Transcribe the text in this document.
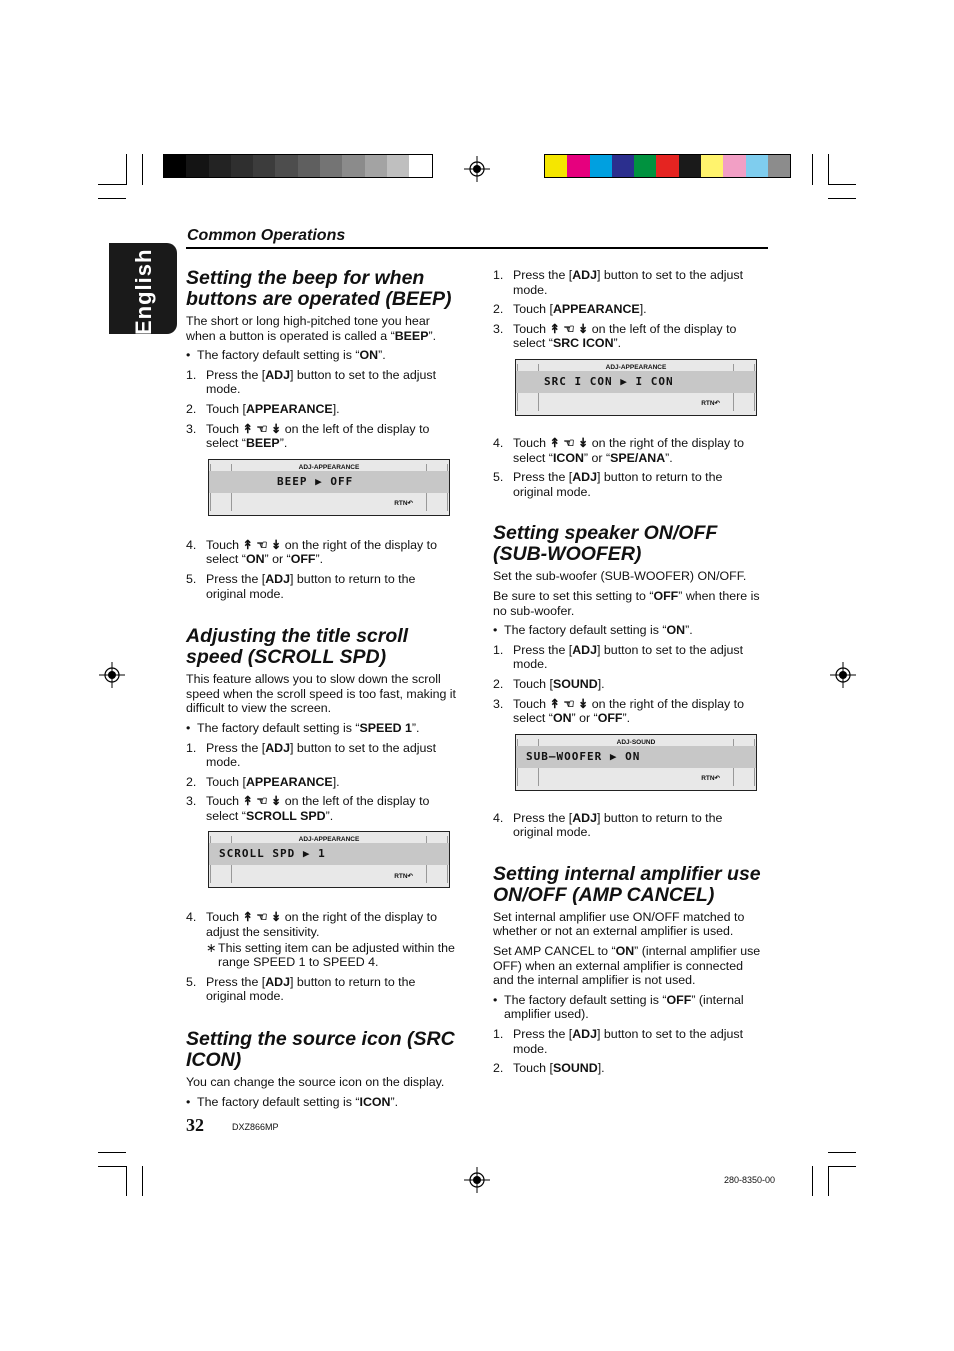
English
Common Operations
Setting the beep for when buttons are operated (BEEP)

The short or long high-pitched tone you hear when a button is operated is called a “BEEP”.

• The factory default setting is “ON”.
1. Press the [ADJ] button to set to the adjust mode.
2. Touch [APPEARANCE].
3. Touch ↟ ☜ ↡ on the left of the display to select “BEEP”.
ADJ-APPEARANCE
BEEP ▶ OFF
RTN↶
4. Touch ↟ ☜ ↡ on the right of the display to select “ON” or “OFF”.
5. Press the [ADJ] button to return to the original mode.
Adjusting the title scroll speed (SCROLL SPD)

This feature allows you to slow down the scroll speed when the scroll speed is too fast, making it difficult to view the screen.

• The factory default setting is “SPEED 1”.
1. Press the [ADJ] button to set to the adjust mode.
2. Touch [APPEARANCE].
3. Touch ↟ ☜ ↡ on the left of the display to select “SCROLL SPD”.
ADJ-APPEARANCE
SCROLL SPD ▶ 1
RTN↶
4. Touch ↟ ☜ ↡ on the right of the display to adjust the sensitivity.
∗ This setting item can be adjusted within the range SPEED 1 to SPEED 4.
5. Press the [ADJ] button to return to the original mode.
Setting the source icon (SRC ICON)

You can change the source icon on the display.

• The factory default setting is “ICON”.
1. Press the [ADJ] button to set to the adjust mode.
2. Touch [APPEARANCE].
3. Touch ↟ ☜ ↡ on the left of the display to select “SRC ICON”.
ADJ-APPEARANCE
SRC I CON ▶ I CON
RTN↶
4. Touch ↟ ☜ ↡ on the right of the display to select “ICON” or “SPE/ANA”.
5. Press the [ADJ] button to return to the original mode.
Setting speaker ON/OFF (SUB-WOOFER)

Set the sub-woofer (SUB-WOOFER) ON/OFF.

Be sure to set this setting to “OFF” when there is no sub-woofer.

• The factory default setting is “ON”.
1. Press the [ADJ] button to set to the adjust mode.
2. Touch [SOUND].
3. Touch ↟ ☜ ↡ on the right of the display to select “ON” or “OFF”.
ADJ-SOUND
SUB–WOOFER ▶ ON
RTN↶
4. Press the [ADJ] button to return to the original mode.
Setting internal amplifier use ON/OFF (AMP CANCEL)

Set internal amplifier use ON/OFF matched to whether or not an external amplifier is used.

Set AMP CANCEL to “ON” (internal amplifier use OFF) when an external amplifier is connected and the internal amplifier is not used.

• The factory default setting is “OFF” (internal amplifier used).
1. Press the [ADJ] button to set to the adjust mode.
2. Touch [SOUND].
32	DXZ866MP
280-8350-00
